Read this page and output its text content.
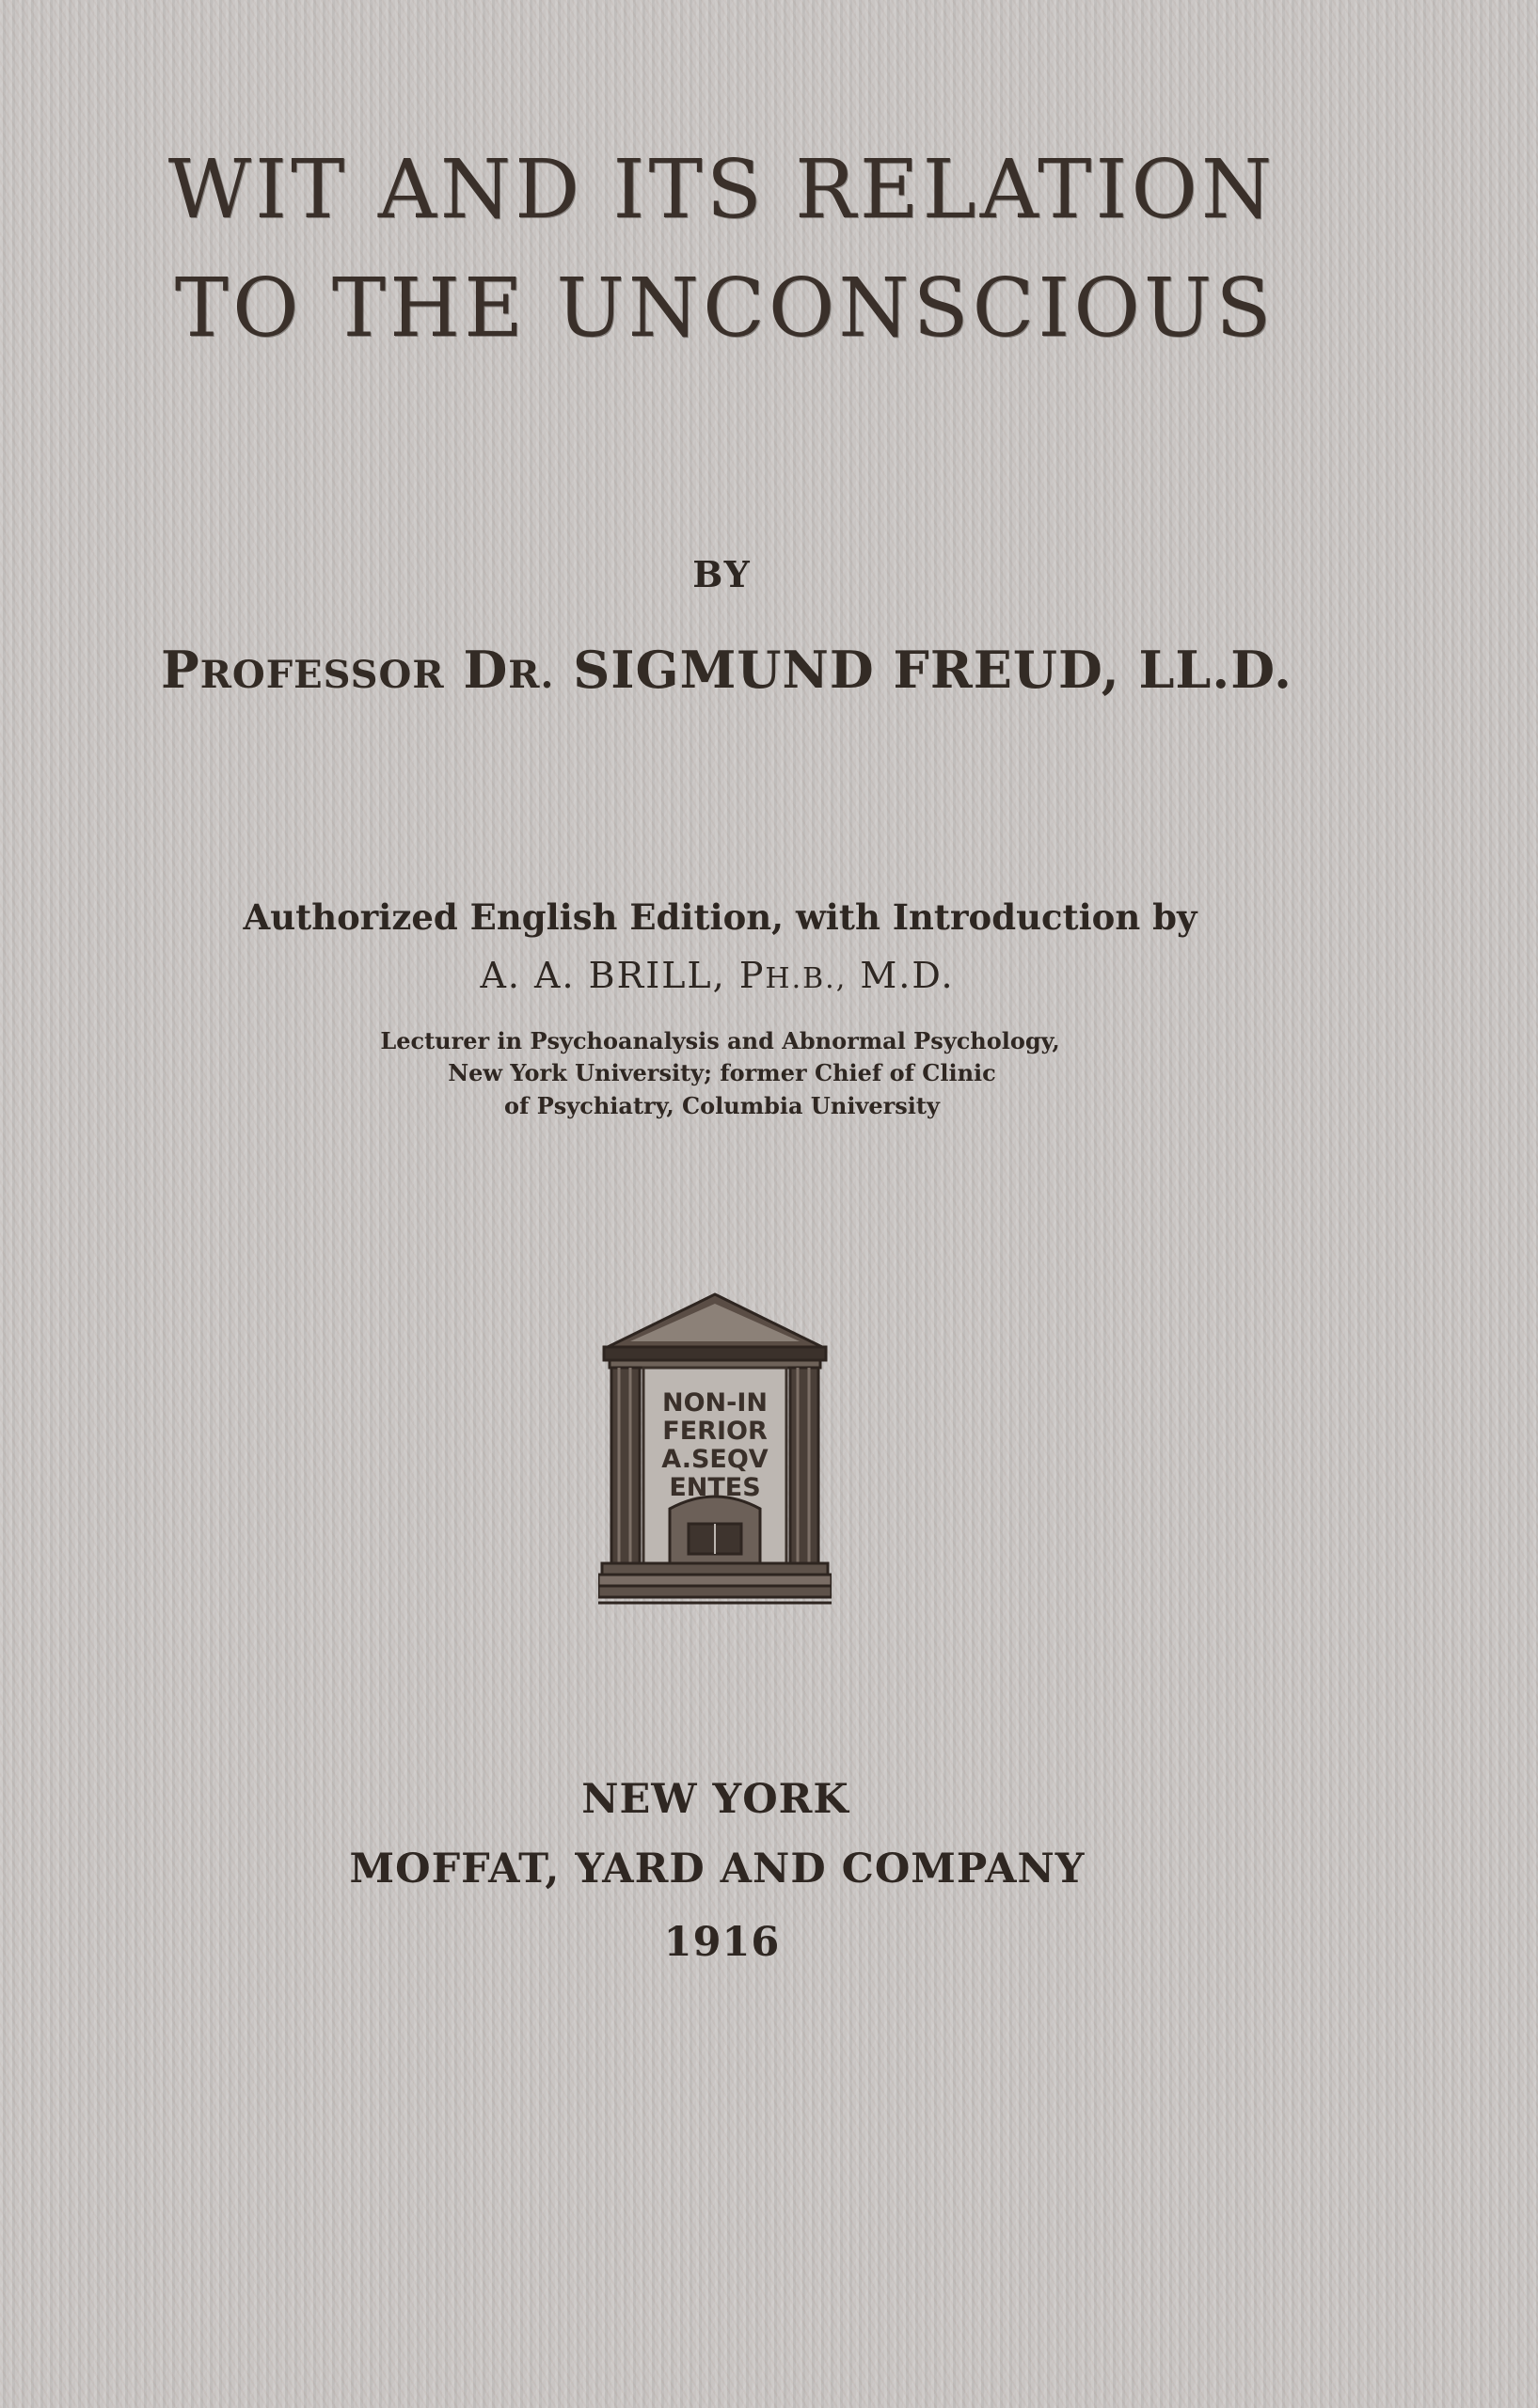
WIT AND ITS RELATION
TO THE UNCONSCIOUS
BY
PROFESSOR DR. SIGMUND FREUD, LL.D.
Authorized English Edition, with Introduction by
A. A. BRILL, PH.B., M.D.
Lecturer in Psychoanalysis and Abnormal Psychology,
New York University; former Chief of Clinic
of Psychiatry, Columbia University
NON-IN
FERIOR
A.SEQV
ENTES
NEW YORK
MOFFAT, YARD AND COMPANY
1916
